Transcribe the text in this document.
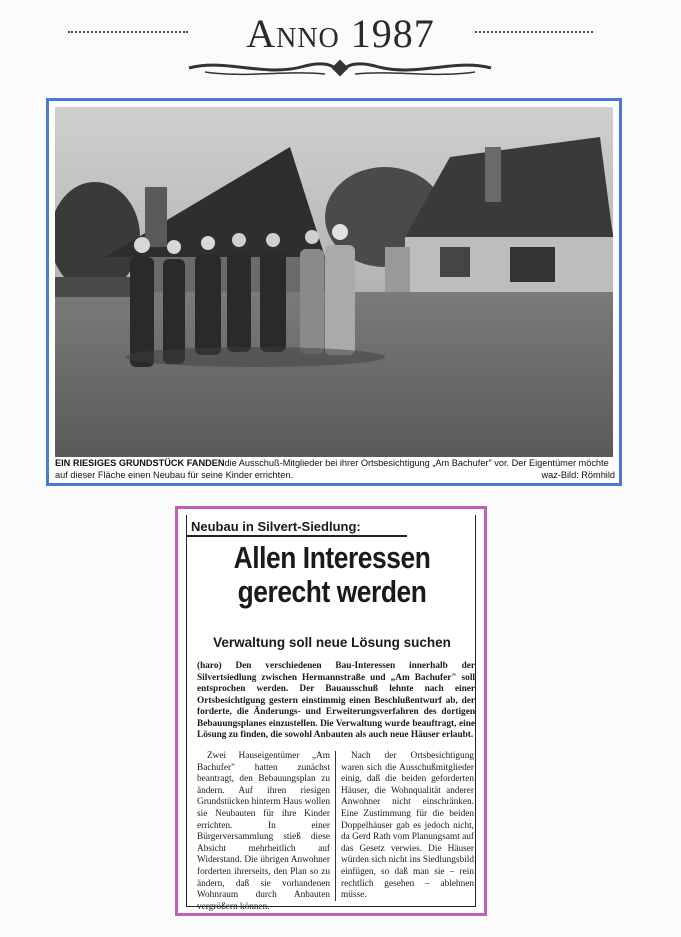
Anno 1987
EIN RIESIGES GRUNDSTÜCK FANDENdie Ausschuß-Mitglieder bei ihrer Ortsbesichtigung „Am Bachufer" vor. Der Eigentümer möchte auf dieser Fläche einen Neubau für seine Kinder errichten.	waz-Bild: Römhild
Neubau in Silvert-Siedlung:
Allen Interessen
gerecht werden
Verwaltung soll neue Lösung suchen
(haro) Den verschiedenen Bau-Interessen innerhalb der Silvertsiedlung zwischen Hermannstraße und „Am Bachufer" soll entsprochen werden. Der Bauausschuß lehnte nach einer Ortsbesichtigung gestern einstimmig einen Beschlußentwurf ab, der forderte, die Änderungs- und Erweiterungsverfahren des dortigen Bebauungsplanes einzustellen. Die Verwaltung wurde beauftragt, eine Lösung zu finden, die sowohl Anbauten als auch neue Häuser erlaubt.

Zwei Hauseigentümer „Am Bachufer" hatten zunächst beantragt, den Bebauungsplan zu ändern. Auf ihren riesigen Grundstücken hinterm Haus wollen sie Neubauten für ihre Kinder errichten. In einer Bürgerversammlung stieß diese Absicht mehrheitlich auf Widerstand. Die übrigen Anwohner forderten ihrerseits, den Plan so zu ändern, daß sie vorhandenen Wohnraum durch Anbauten vergrößern können.

Nach der Ortsbesichtigung waren sich die Ausschußmitglieder einig, daß die beiden geforderten Häuser, die Wohnqualität anderer Anwohner nicht einschränken. Eine Zustimmung für die beiden Doppelhäuser gab es jedoch nicht, da Gerd Rath vom Planungsamt auf das Gesetz verwies. Die Häuser würden sich nicht ins Siedlungsbild einfügen, so daß man sie – rein rechtlich gesehen – ablehnen müsse.
